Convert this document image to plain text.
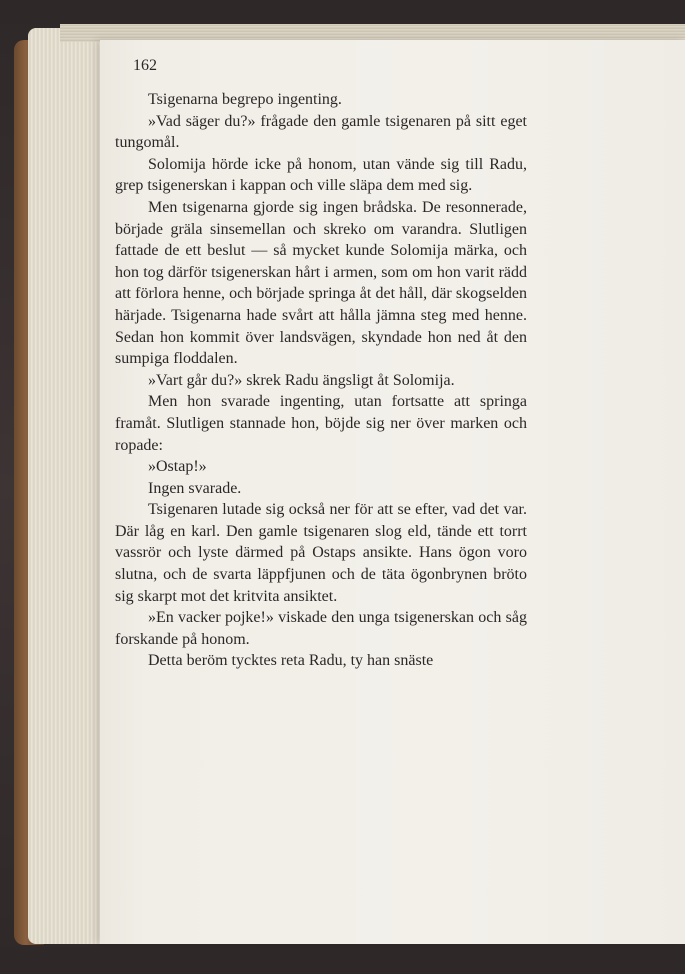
162

Tsigenarna begrepo ingenting.

»Vad säger du?» frågade den gamle tsigenaren på sitt eget tungomål.

Solomija hörde icke på honom, utan vände sig till Radu, grep tsigenerskan i kappan och ville släpa dem med sig.

Men tsigenarna gjorde sig ingen brådska. De resonnerade, började gräla sinsemellan och skreko om varandra. Slutligen fattade de ett beslut — så mycket kunde Solomija märka, och hon tog därför tsigenerskan hårt i armen, som om hon varit rädd att förlora henne, och började springa åt det håll, där skogselden härjade. Tsigenarna hade svårt att hålla jämna steg med henne. Sedan hon kommit över landsvägen, skyndade hon ned åt den sumpiga floddalen.

»Vart går du?» skrek Radu ängsligt åt Solomija.

Men hon svarade ingenting, utan fortsatte att springa framåt. Slutligen stannade hon, böjde sig ner över marken och ropade:

»Ostap!»

Ingen svarade.

Tsigenaren lutade sig också ner för att se efter, vad det var. Där låg en karl. Den gamle tsigenaren slog eld, tände ett torrt vassrör och lyste därmed på Ostaps ansikte. Hans ögon voro slutna, och de svarta läppfjunen och de täta ögonbrynen bröto sig skarpt mot det kritvita ansiktet.

»En vacker pojke!» viskade den unga tsigenerskan och såg forskande på honom.

Detta beröm tycktes reta Radu, ty han snäste
